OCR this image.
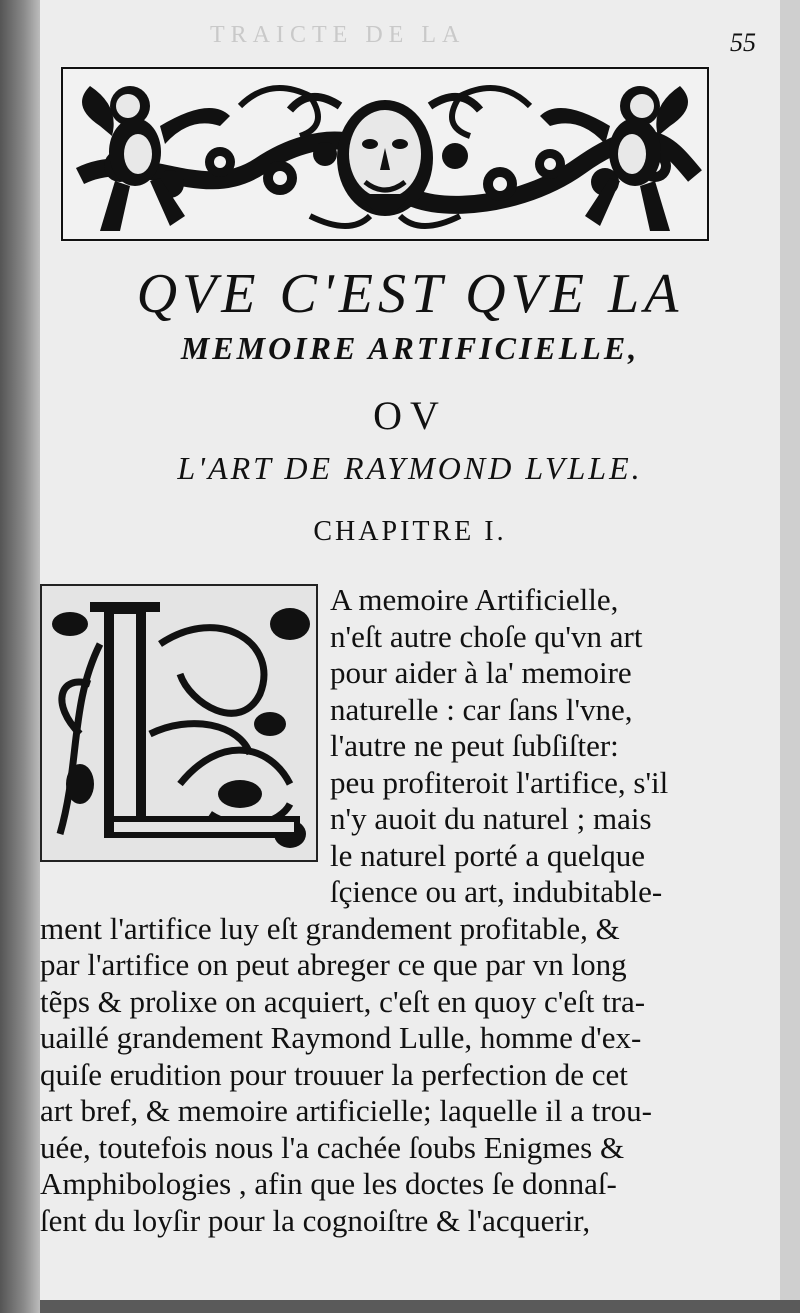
TRAICTE DE LA	55
QVE C'EST QVE LA
MEMOIRE ARTIFICIELLE,
OV
L'ART DE RAYMOND LVLLE.
CHAPITRE I.
A memoire Artificielle,
n'eſt autre choſe qu'vn art
pour aider à la' memoire
naturelle : car ſans l'vne,
l'autre ne peut ſubſiſter:
peu profiteroit l'artifice, s'il
n'y auoit du naturel ; mais
le naturel porté a quelque
ſçience ou art, indubitable-
ment l'artifice luy eſt grandement profitable, &
par l'artifice on peut abreger ce que par vn long
tẽps & prolixe on acquiert, c'eſt en quoy c'eſt tra-
uaillé grandement Raymond Lulle, homme d'ex-
quiſe erudition pour trouuer la perfection de cet
art bref, & memoire artificielle; laquelle il a trou-
uée, toutefois nous l'a cachée ſoubs Enigmes &
Amphibologies , afin que les doctes ſe donnaſ-
ſent du loyſir pour la cognoiſtre & l'acquerir,
